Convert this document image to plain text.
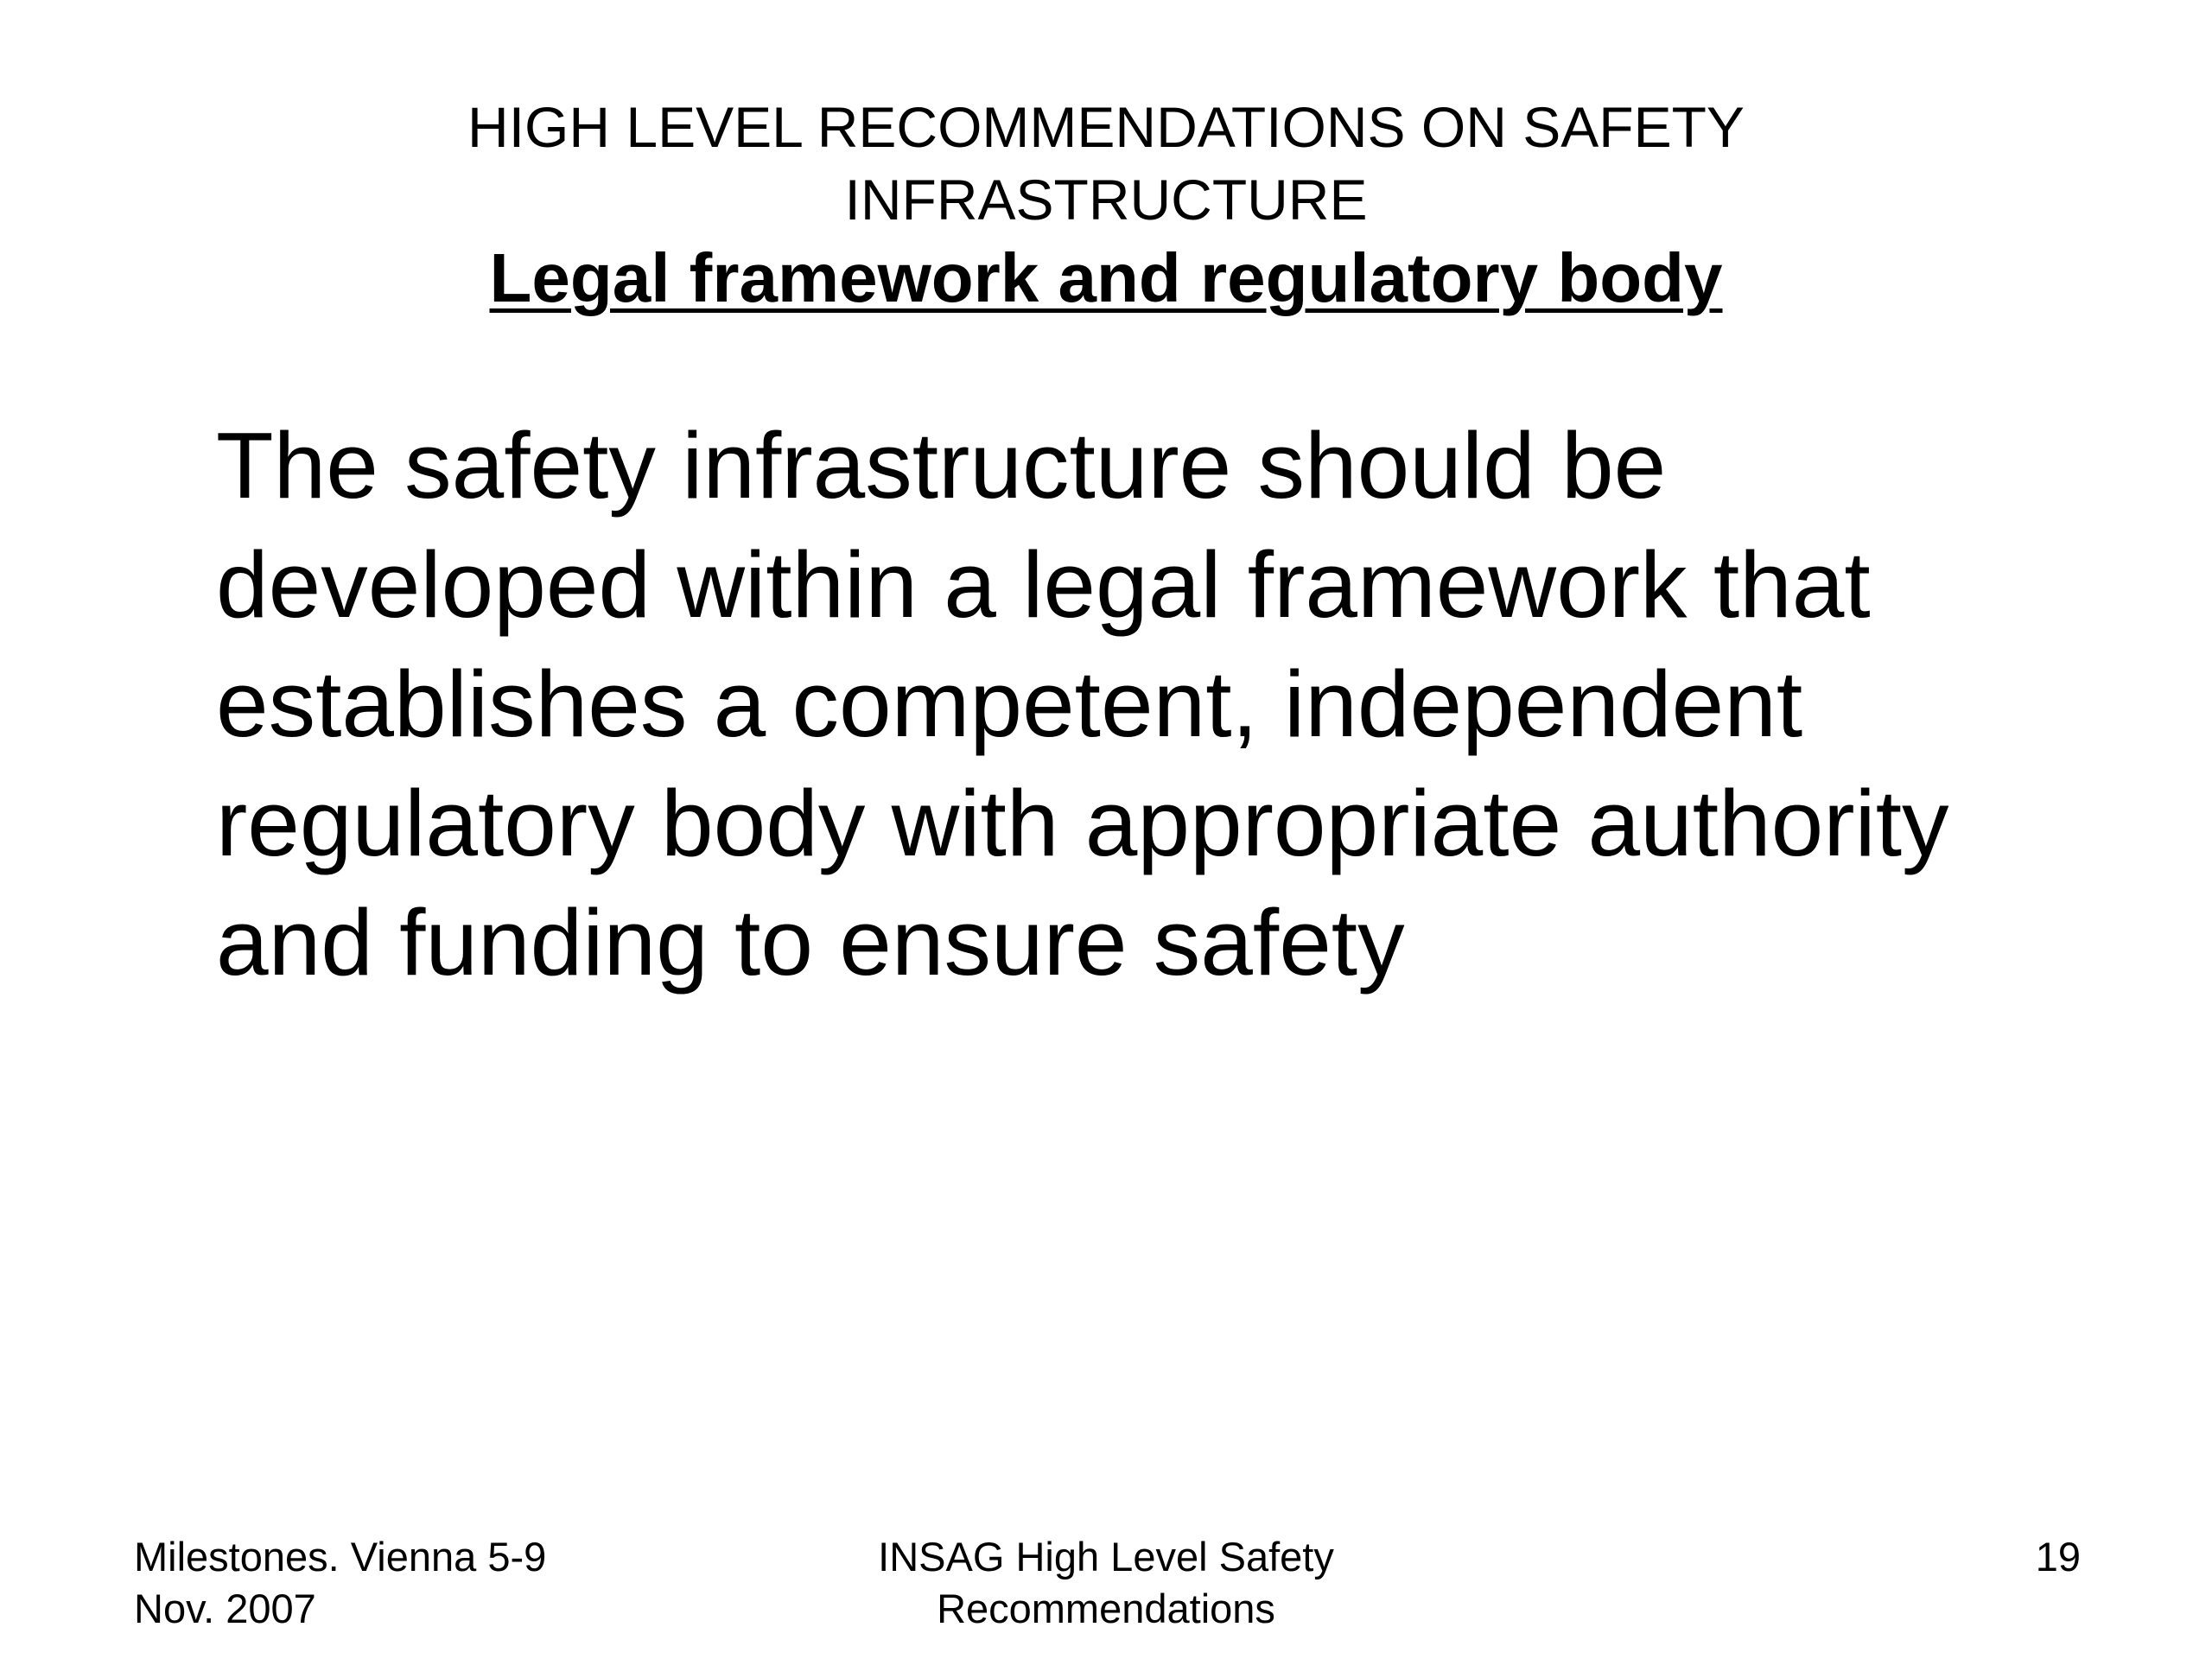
HIGH LEVEL RECOMMENDATIONS ON SAFETY
INFRASTRUCTURE
Legal framework and regulatory body

The safety infrastructure should be developed within a legal framework that establishes a competent, independent regulatory body with appropriate authority and funding to ensure safety

Milestones. Vienna 5-9
Nov. 2007
INSAG High Level Safety
Recommendations
19
